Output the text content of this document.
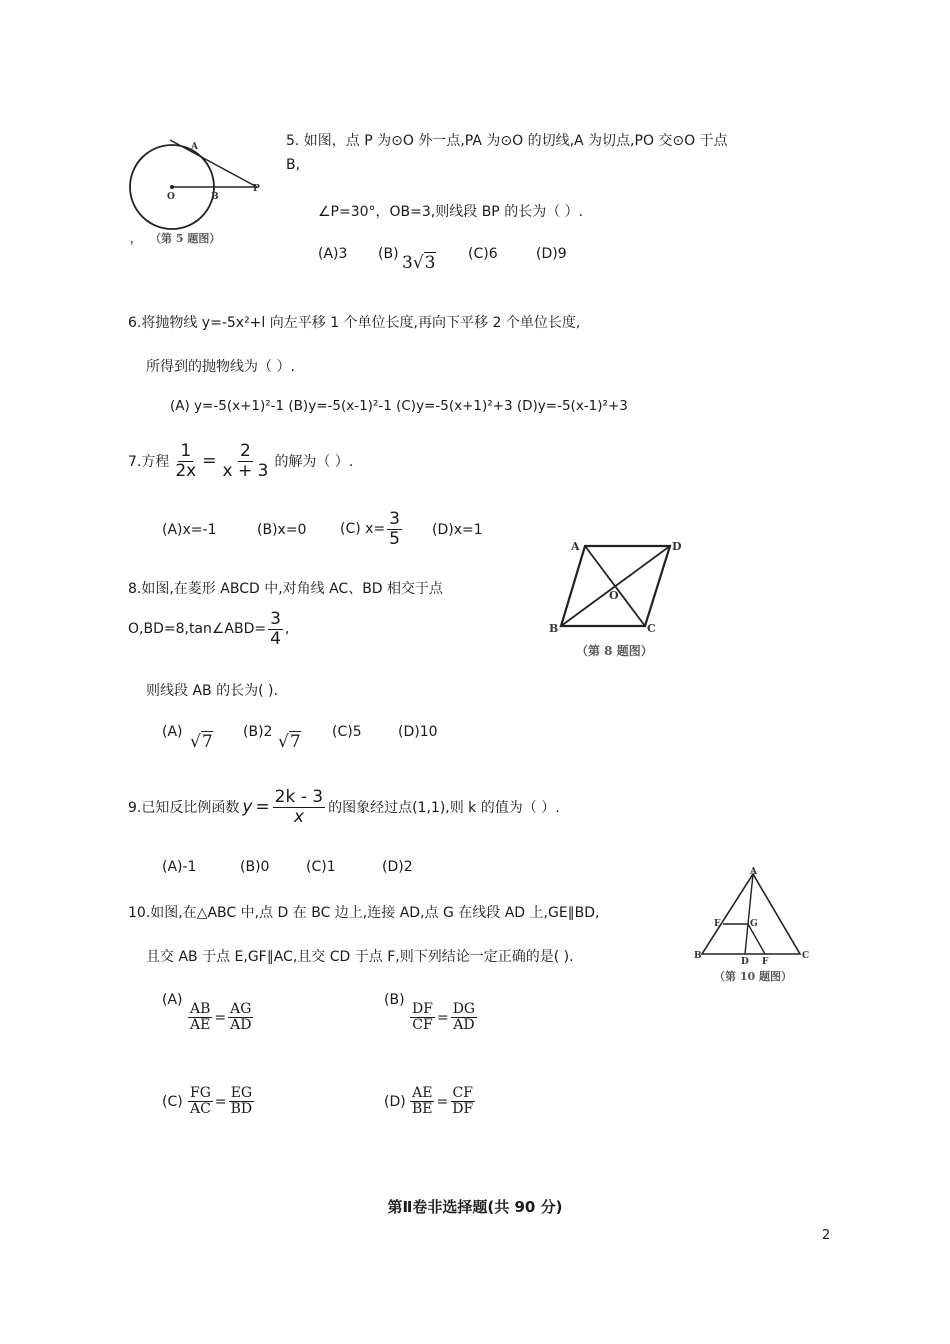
A
O	B
P
， （第 5 题图）
5. 如图，点 P 为⊙O 外一点,PA 为⊙O 的切线,A 为切点,PO 交⊙O 于点
B,
∠P=30°，OB=3,则线段 BP 的长为（ ）.
(A)3 (B) 3√3 (C)6	(D)9
6.将抛物线 y=-5x²+l 向左平移 1 个单位长度,再向下平移 2 个单位长度,
所得到的抛物线为（ ）.
(A) y=-5(x+1)²-1 (B)y=-5(x-1)²-1 (C)y=-5(x+1)²+3 (D)y=-5(x-1)²+3
7.方程 $\frac{1}{2x} = \frac{2}{x + 3}$ 的解为（ ）.
(A)x=-1	(B)x=0 (C) $x= \frac{3}{5} (D)x=1$
A	D
O
B	C
（第 8 题图）
8.如图,在菱形 ABCD 中,对角线 AC、BD 相交于点
O,BD=8,tan∠ABD= $\frac{3}{4}$ ,
则线段 AB 的长为( ).
(A) √7 (B)2 √7 (C)5	(D)10
9.已知反比例函数 $y = \frac{2k - 3}{x}$ 的图象经过点(1,1),则 k 的值为（ ）.
(A)-1	(B)0	(C)1	(D)2	A
E	G
B
D F
C
（第 10 题图）
10.如图,在△ABC 中,点 D 在 BC 边上,连接 AD,点 G 在线段 AD 上,GE∥BD,
且交 AB 于点 E,GF∥AC,且交 CD 于点 F,则下列结论一定正确的是( ).
(A)
$\frac{AB}{AE} = \frac{AG}{AD}$
(B)
$\frac{DF}{CF} = \frac{DG}{AD}$
$(C) \frac{FG}{AC} = \frac{EG}{BD}$	$(D) \frac{AE}{BE} = \frac{CF}{DF}$
第Ⅱ卷非选择题(共 90 分)
2
